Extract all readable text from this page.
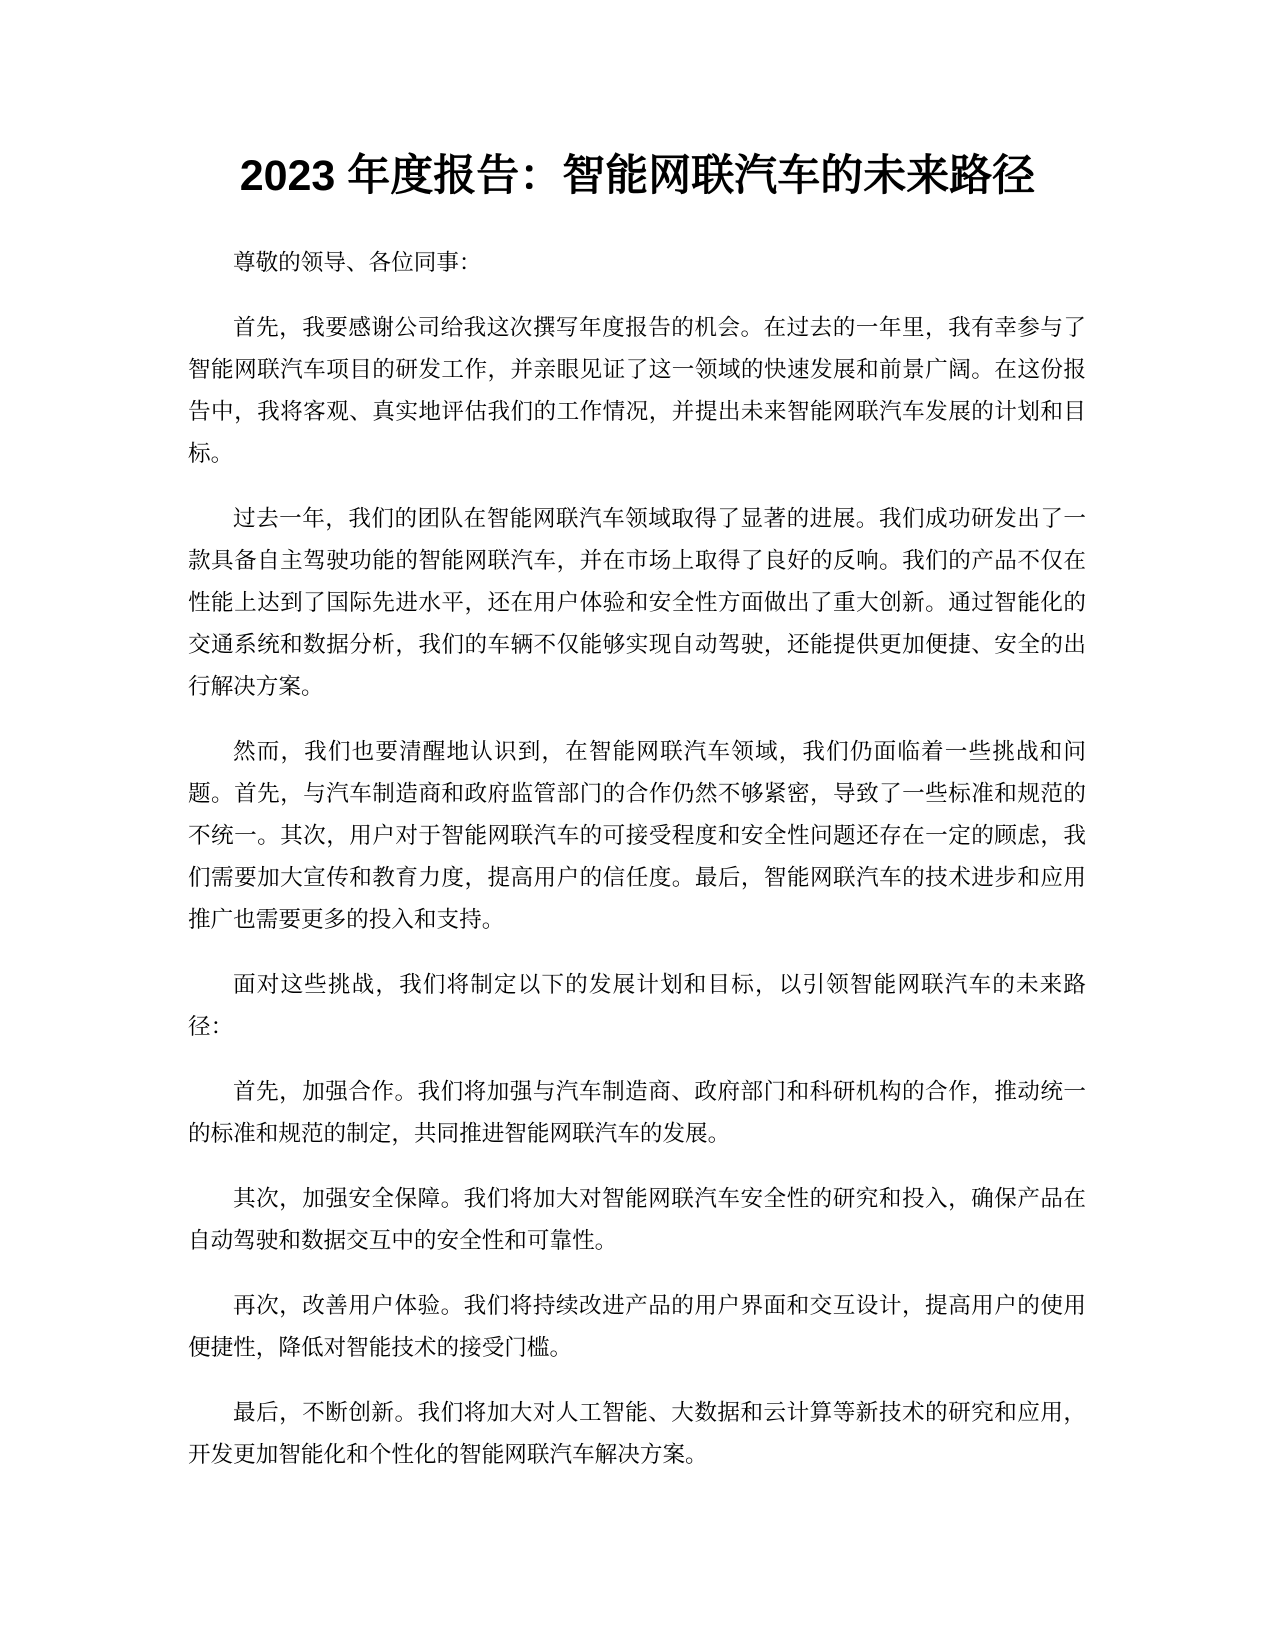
2023 年度报告：智能网联汽车的未来路径

尊敬的领导、各位同事：

首先，我要感谢公司给我这次撰写年度报告的机会。在过去的一年里，我有幸参与了智能网联汽车项目的研发工作，并亲眼见证了这一领域的快速发展和前景广阔。在这份报告中，我将客观、真实地评估我们的工作情况，并提出未来智能网联汽车发展的计划和目标。

过去一年，我们的团队在智能网联汽车领域取得了显著的进展。我们成功研发出了一款具备自主驾驶功能的智能网联汽车，并在市场上取得了良好的反响。我们的产品不仅在性能上达到了国际先进水平，还在用户体验和安全性方面做出了重大创新。通过智能化的交通系统和数据分析，我们的车辆不仅能够实现自动驾驶，还能提供更加便捷、安全的出行解决方案。

然而，我们也要清醒地认识到，在智能网联汽车领域，我们仍面临着一些挑战和问题。首先，与汽车制造商和政府监管部门的合作仍然不够紧密，导致了一些标准和规范的不统一。其次，用户对于智能网联汽车的可接受程度和安全性问题还存在一定的顾虑，我们需要加大宣传和教育力度，提高用户的信任度。最后，智能网联汽车的技术进步和应用推广也需要更多的投入和支持。

面对这些挑战，我们将制定以下的发展计划和目标，以引领智能网联汽车的未来路径：

首先，加强合作。我们将加强与汽车制造商、政府部门和科研机构的合作，推动统一的标准和规范的制定，共同推进智能网联汽车的发展。

其次，加强安全保障。我们将加大对智能网联汽车安全性的研究和投入，确保产品在自动驾驶和数据交互中的安全性和可靠性。

再次，改善用户体验。我们将持续改进产品的用户界面和交互设计，提高用户的使用便捷性，降低对智能技术的接受门槛。

最后，不断创新。我们将加大对人工智能、大数据和云计算等新技术的研究和应用，开发更加智能化和个性化的智能网联汽车解决方案。
